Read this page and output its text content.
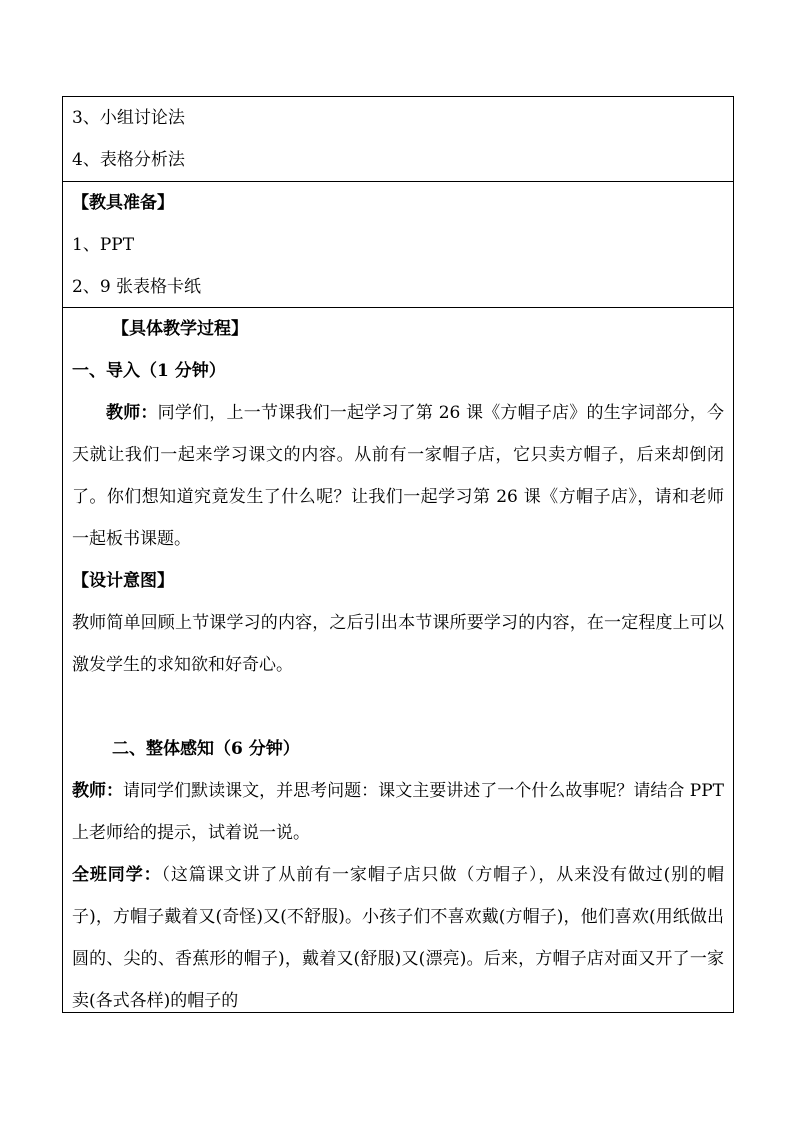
3、小组讨论法
4、表格分析法
【教具准备】
1、PPT
2、9 张表格卡纸
【具体教学过程】
一、导入（1 分钟）
教师：同学们，上一节课我们一起学习了第 26 课《方帽子店》的生字词部分，今天就让我们一起来学习课文的内容。从前有一家帽子店，它只卖方帽子，后来却倒闭了。你们想知道究竟发生了什么呢？让我们一起学习第 26 课《方帽子店》，请和老师一起板书课题。
【设计意图】
教师简单回顾上节课学习的内容，之后引出本节课所要学习的内容，在一定程度上可以激发学生的求知欲和好奇心。
二、整体感知（6 分钟）
教师：请同学们默读课文，并思考问题：课文主要讲述了一个什么故事呢？请结合 PPT 上老师给的提示，试着说一说。
全班同学：（这篇课文讲了从前有一家帽子店只做（方帽子），从来没有做过(别的帽子)，方帽子戴着又(奇怪)又(不舒服)。小孩子们不喜欢戴(方帽子)，他们喜欢(用纸做出圆的、尖的、香蕉形的帽子)，戴着又(舒服)又(漂亮)。后来，方帽子店对面又开了一家卖(各式各样)的帽子的
